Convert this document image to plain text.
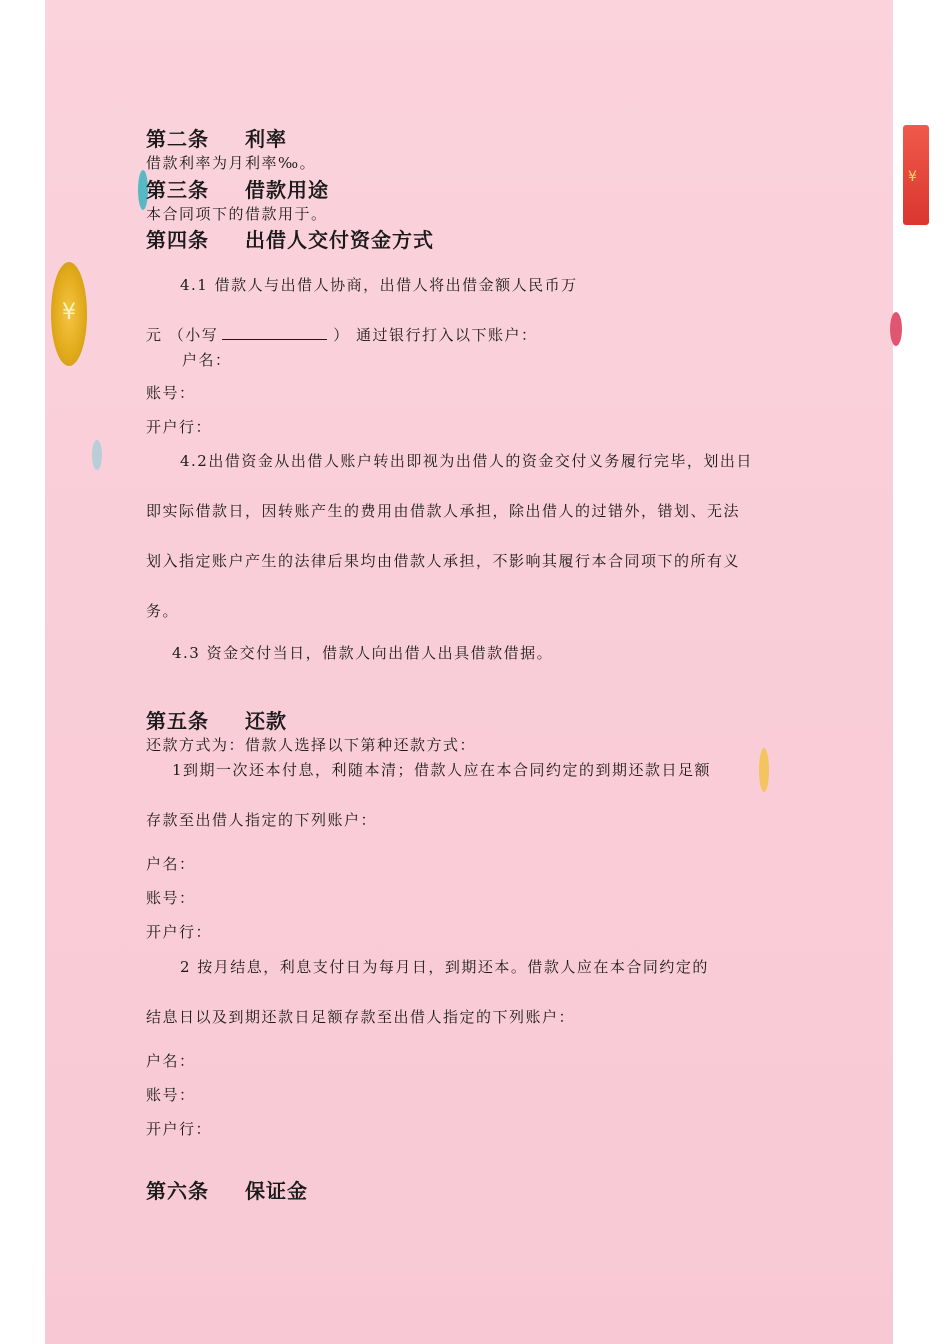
¥
¥
第二条 利率
借款利率为月利率‰。
第三条 借款用途
本合同项下的借款用于。
第四条 出借人交付资金方式
4.1 借款人与出借人协商，出借人将出借金额人民币万
元 （小写	） 通过银行打入以下账户：
户名：
账号：
开户行：
4.2出借资金从出借人账户转出即视为出借人的资金交付义务履行完毕，划出日
即实际借款日，因转账产生的费用由借款人承担，除出借人的过错外，错划、无法
划入指定账户产生的法律后果均由借款人承担，不影响其履行本合同项下的所有义
务。
4.3 资金交付当日，借款人向出借人出具借款借据。
第五条 还款
还款方式为：借款人选择以下第种还款方式：
1到期一次还本付息，利随本清；借款人应在本合同约定的到期还款日足额
存款至出借人指定的下列账户：
户名：
账号：
开户行：
2 按月结息，利息支付日为每月日，到期还本。借款人应在本合同约定的
结息日以及到期还款日足额存款至出借人指定的下列账户：
户名：
账号：
开户行：
第六条 保证金
